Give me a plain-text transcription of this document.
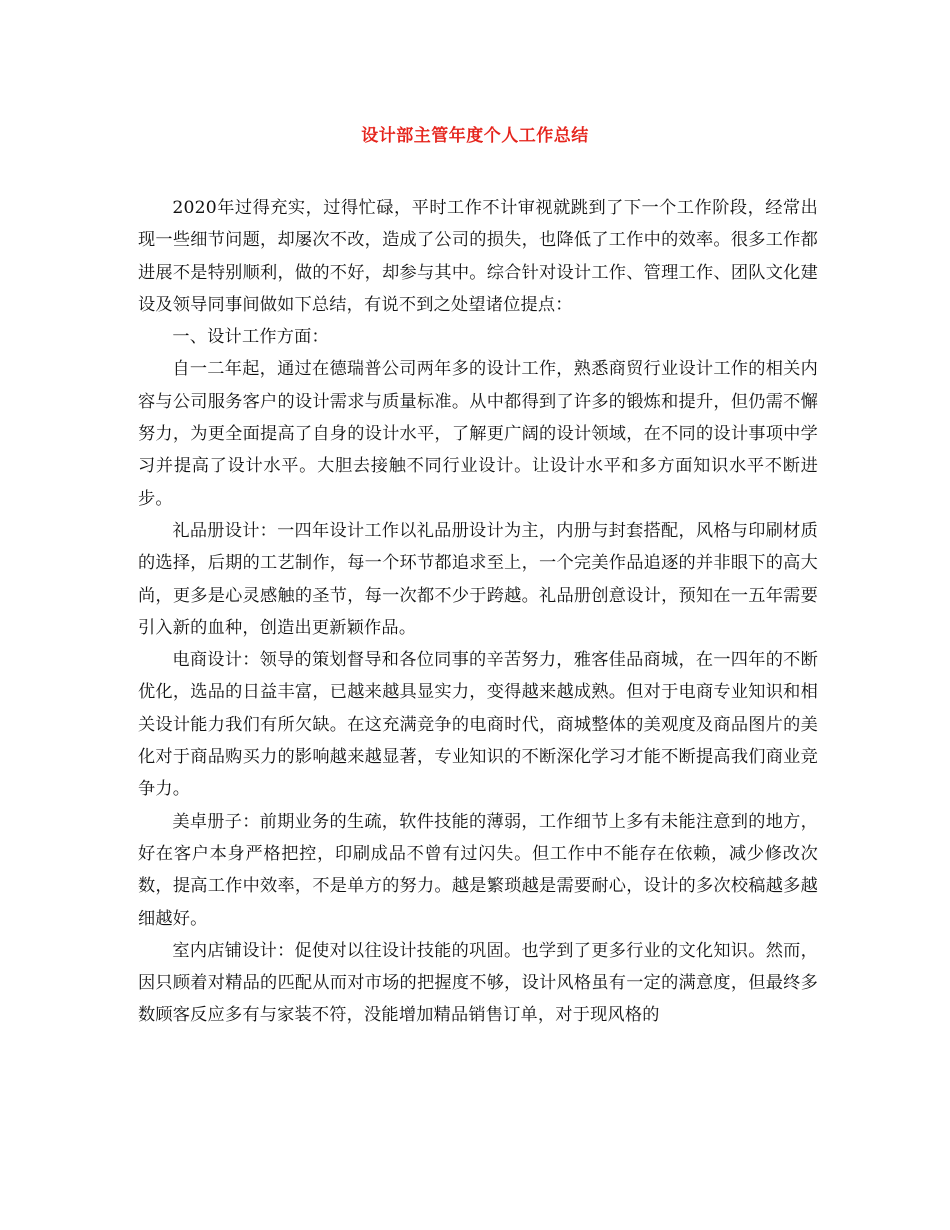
设计部主管年度个人工作总结

2020年过得充实，过得忙碌，平时工作不计审视就跳到了下一个工作阶段，经常出现一些细节问题，却屡次不改，造成了公司的损失，也降低了工作中的效率。很多工作都进展不是特别顺利，做的不好，却参与其中。综合针对设计工作、管理工作、团队文化建设及领导同事间做如下总结，有说不到之处望诸位提点：

一、设计工作方面：

自一二年起，通过在德瑞普公司两年多的设计工作，熟悉商贸行业设计工作的相关内容与公司服务客户的设计需求与质量标准。从中都得到了许多的锻炼和提升，但仍需不懈努力，为更全面提高了自身的设计水平，了解更广阔的设计领域，在不同的设计事项中学习并提高了设计水平。大胆去接触不同行业设计。让设计水平和多方面知识水平不断进步。

礼品册设计：一四年设计工作以礼品册设计为主，内册与封套搭配，风格与印刷材质的选择，后期的工艺制作，每一个环节都追求至上，一个完美作品追逐的并非眼下的高大尚，更多是心灵感触的圣节，每一次都不少于跨越。礼品册创意设计，预知在一五年需要引入新的血种，创造出更新颖作品。

电商设计：领导的策划督导和各位同事的辛苦努力，雅客佳品商城，在一四年的不断优化，选品的日益丰富，已越来越具显实力，变得越来越成熟。但对于电商专业知识和相关设计能力我们有所欠缺。在这充满竞争的电商时代，商城整体的美观度及商品图片的美化对于商品购买力的影响越来越显著，专业知识的不断深化学习才能不断提高我们商业竞争力。

美卓册子：前期业务的生疏，软件技能的薄弱，工作细节上多有未能注意到的地方，好在客户本身严格把控，印刷成品不曾有过闪失。但工作中不能存在依赖，减少修改次数，提高工作中效率，不是单方的努力。越是繁琐越是需要耐心，设计的多次校稿越多越细越好。

室内店铺设计：促使对以往设计技能的巩固。也学到了更多行业的文化知识。然而，因只顾着对精品的匹配从而对市场的把握度不够，设计风格虽有一定的满意度，但最终多数顾客反应多有与家装不符，没能增加精品销售订单，对于现风格的
